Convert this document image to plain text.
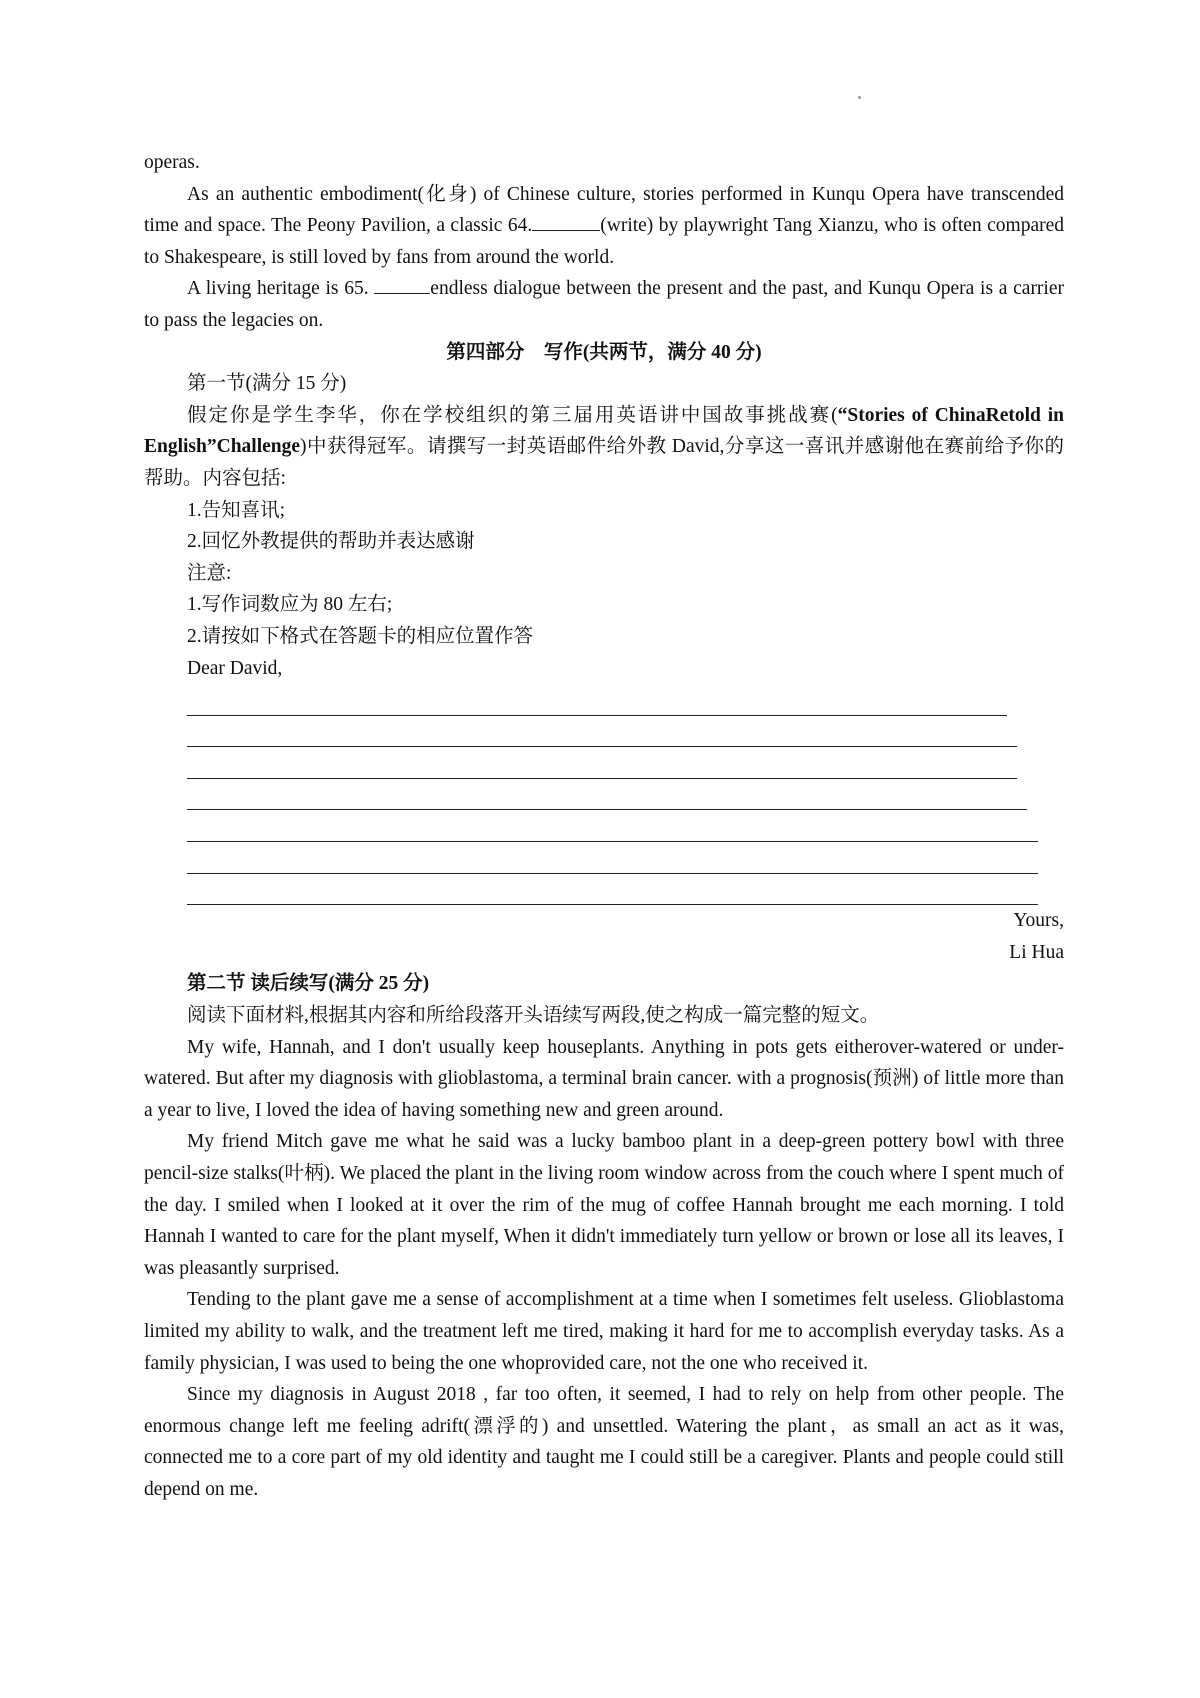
operas.

As an authentic embodiment(化身) of Chinese culture, stories performed in Kunqu Opera have transcended time and space. The Peony Pavilion, a classic 64.	(write) by playwright Tang Xianzu, who is often compared to Shakespeare, is still loved by fans from around the world.

A living heritage is 65.	endless dialogue between the present and the past, and Kunqu Opera is a carrier to pass the legacies on.

第四部分　写作(共两节，满分 40 分)

第一节(满分 15 分)

假定你是学生李华，你在学校组织的第三届用英语讲中国故事挑战赛(“Stories of ChinaRetold in English”Challenge)中获得冠军。请撰写一封英语邮件给外教 David,分享这一喜讯并感谢他在赛前给予你的帮助。内容包括:

1.告知喜讯;

2.回忆外教提供的帮助并表达感谢

注意:

1.写作词数应为 80 左右;

2.请按如下格式在答题卡的相应位置作答

Dear David,

Yours,

Li Hua

第二节 读后续写(满分 25 分)

阅读下面材料,根据其内容和所给段落开头语续写两段,使之构成一篇完整的短文。

My wife, Hannah, and I don't usually keep houseplants. Anything in pots gets eitherover-watered or under-watered. But after my diagnosis with glioblastoma, a terminal brain cancer. with a prognosis(预洲) of little more than a year to live, I loved the idea of having something new and green around.

My friend Mitch gave me what he said was a lucky bamboo plant in a deep-green pottery bowl with three pencil-size stalks(叶柄). We placed the plant in the living room window across from the couch where I spent much of the day. I smiled when I looked at it over the rim of the mug of coffee Hannah brought me each morning. I told Hannah I wanted to care for the plant myself, When it didn't immediately turn yellow or brown or lose all its leaves, I was pleasantly surprised.

Tending to the plant gave me a sense of accomplishment at a time when I sometimes felt useless. Glioblastoma limited my ability to walk, and the treatment left me tired, making it hard for me to accomplish everyday tasks. As a family physician, I was used to being the one whoprovided care, not the one who received it.

Since my diagnosis in August 2018 , far too often, it seemed, I had to rely on help from other people. The enormous change left me feeling adrift(漂浮的) and unsettled. Watering the plant，as small an act as it was, connected me to a core part of my old identity and taught me I could still be a caregiver. Plants and people could still depend on me.
